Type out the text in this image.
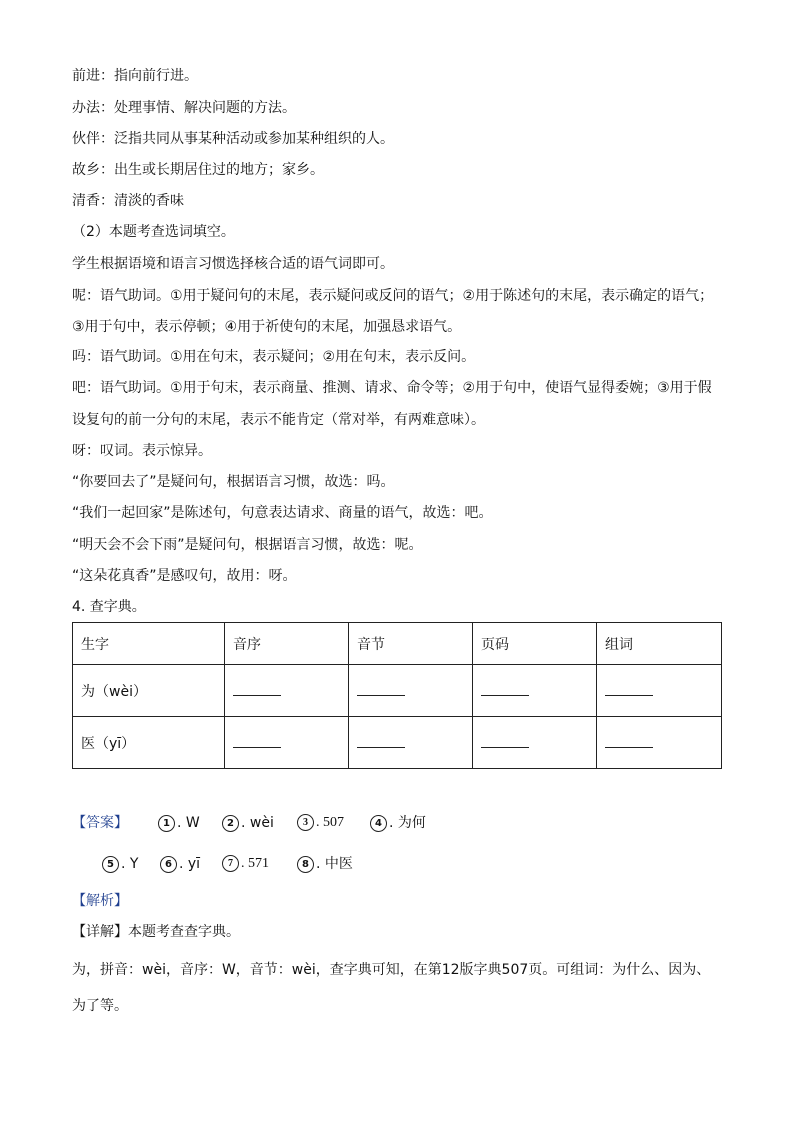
前进：指向前行进。
办法：处理事情、解决问题的方法。
伙伴：泛指共同从事某种活动或参加某种组织的人。
故乡：出生或长期居住过的地方；家乡。
清香：清淡的香味
（2）本题考查选词填空。
学生根据语境和语言习惯选择核合适的语气词即可。
呢：语气助词。①用于疑问句的末尾，表示疑问或反问的语气；②用于陈述句的末尾，表示确定的语气；
③用于句中，表示停顿；④用于祈使句的末尾，加强恳求语气。
吗：语气助词。①用在句末，表示疑问；②用在句末，表示反问。
吧：语气助词。①用于句末，表示商量、推测、请求、命令等；②用于句中，使语气显得委婉；③用于假
设复句的前一分句的末尾，表示不能肯定（常对举，有两难意味）。
呀：叹词。表示惊异。
“你要回去了”是疑问句，根据语言习惯，故选：吗。
“我们一起回家”是陈述句，句意表达请求、商量的语气，故选：吧。
“明天会不会下雨”是疑问句，根据语言习惯，故选：呢。
“这朵花真香”是感叹句，故用：呀。
4. 查字典。
生字	音序	音节	页码	组词
为（wèi）				
医（yī）				
【答案】	1 . W	2 . wèi	3 . 507	4 . 为何
5 . Y	6 . yī	7 . 571	8 . 中医
【解析】
【详解】本题考查查字典。
为，拼音：wèi，音序：W，音节：wèi，查字典可知，在第12版字典507页。可组词：为什么、因为、
为了等。
